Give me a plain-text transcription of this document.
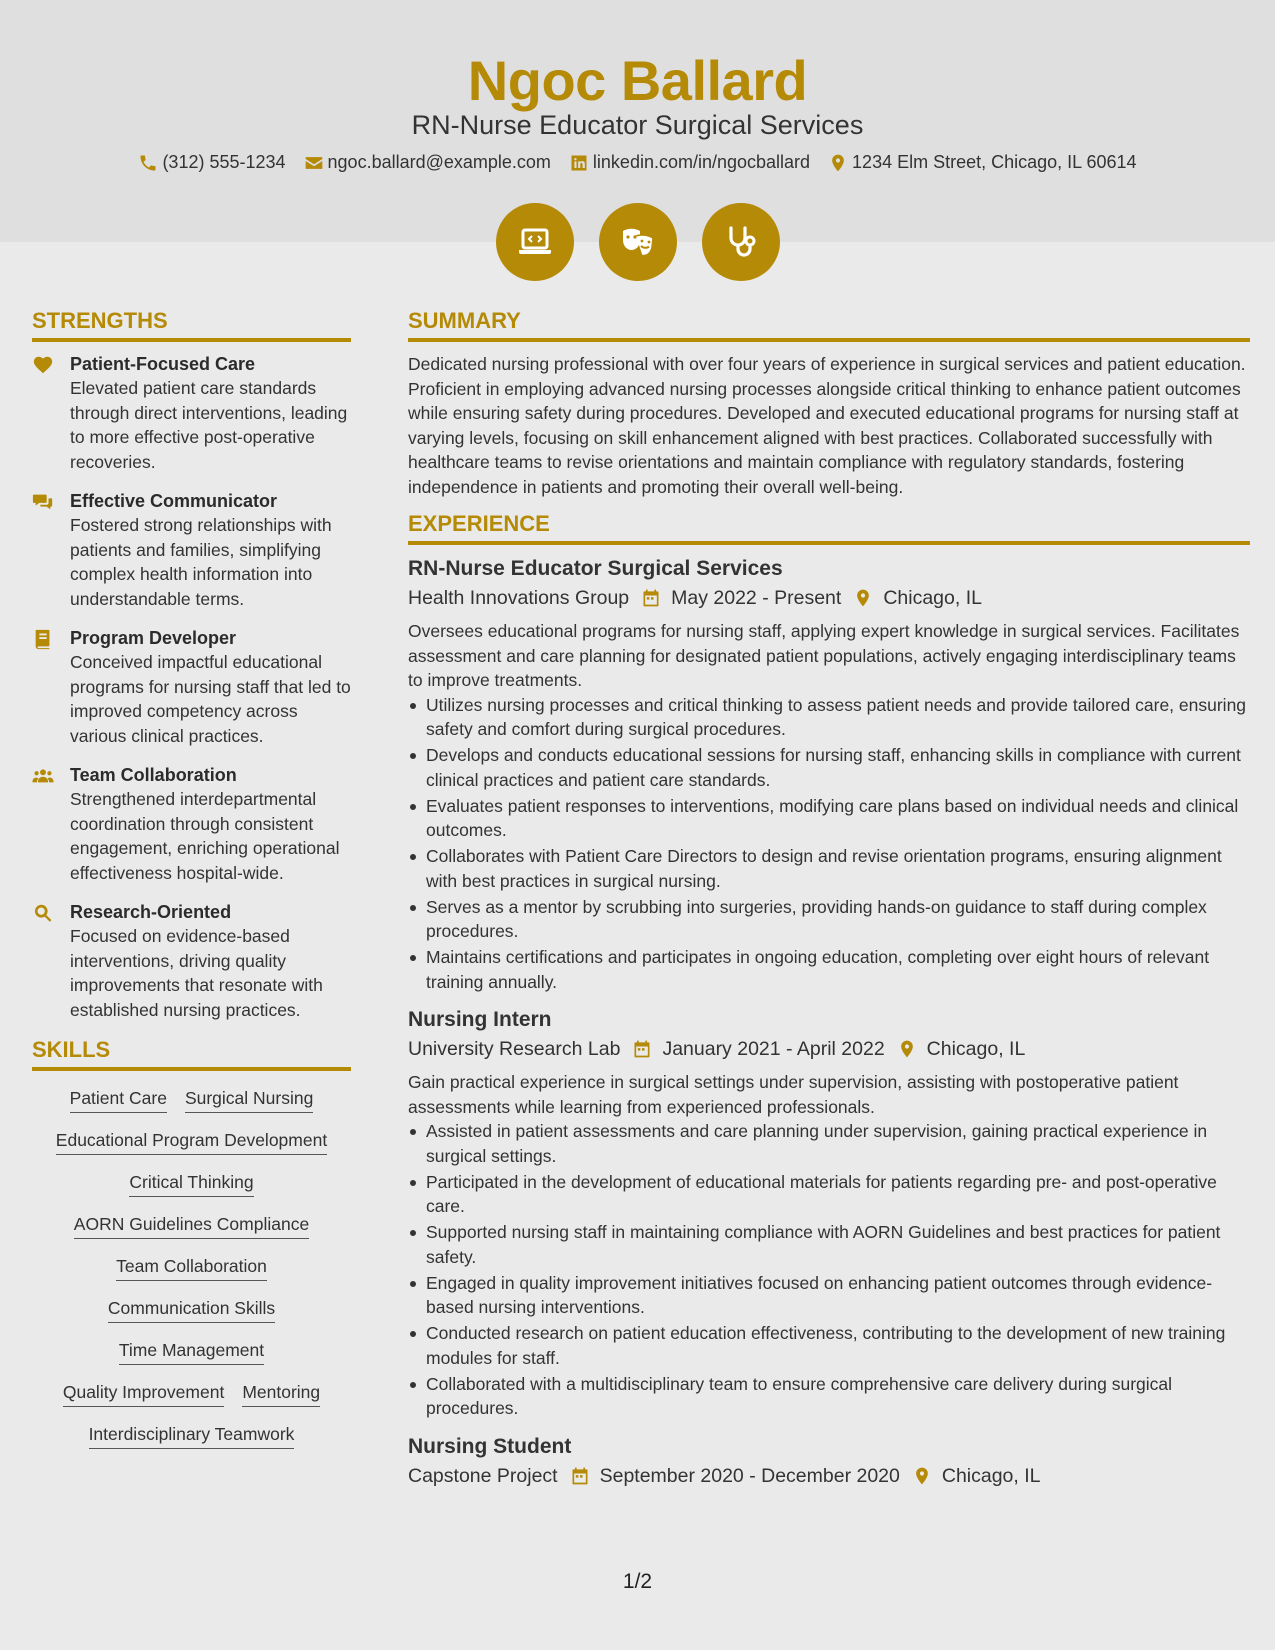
Ngoc Ballard
RN-Nurse Educator Surgical Services
(312) 555-1234 ngoc.ballard@example.com linkedin.com/in/ngocballard 1234 Elm Street, Chicago, IL 60614
STRENGTHS
Patient-Focused Care
Elevated patient care standards through direct interventions, leading to more effective post-operative recoveries.
Effective Communicator
Fostered strong relationships with patients and families, simplifying complex health information into understandable terms.
Program Developer
Conceived impactful educational programs for nursing staff that led to improved competency across various clinical practices.
Team Collaboration
Strengthened interdepartmental coordination through consistent engagement, enriching operational effectiveness hospital-wide.
Research-Oriented
Focused on evidence-based interventions, driving quality improvements that resonate with established nursing practices.
SKILLS
Patient Care Surgical Nursing
Educational Program Development
Critical Thinking
AORN Guidelines Compliance
Team Collaboration
Communication Skills
Time Management
Quality Improvement Mentoring
Interdisciplinary Teamwork
SUMMARY
Dedicated nursing professional with over four years of experience in surgical services and patient education. Proficient in employing advanced nursing processes alongside critical thinking to enhance patient outcomes while ensuring safety during procedures. Developed and executed educational programs for nursing staff at varying levels, focusing on skill enhancement aligned with best practices. Collaborated successfully with healthcare teams to revise orientations and maintain compliance with regulatory standards, fostering independence in patients and promoting their overall well-being.
EXPERIENCE
RN-Nurse Educator Surgical Services
Health Innovations Group May 2022 - Present Chicago, IL
Oversees educational programs for nursing staff, applying expert knowledge in surgical services. Facilitates assessment and care planning for designated patient populations, actively engaging interdisciplinary teams to improve treatments.
Utilizes nursing processes and critical thinking to assess patient needs and provide tailored care, ensuring safety and comfort during surgical procedures.
Develops and conducts educational sessions for nursing staff, enhancing skills in compliance with current clinical practices and patient care standards.
Evaluates patient responses to interventions, modifying care plans based on individual needs and clinical outcomes.
Collaborates with Patient Care Directors to design and revise orientation programs, ensuring alignment with best practices in surgical nursing.
Serves as a mentor by scrubbing into surgeries, providing hands-on guidance to staff during complex procedures.
Maintains certifications and participates in ongoing education, completing over eight hours of relevant training annually.
Nursing Intern
University Research Lab January 2021 - April 2022 Chicago, IL
Gain practical experience in surgical settings under supervision, assisting with postoperative patient assessments while learning from experienced professionals.
Assisted in patient assessments and care planning under supervision, gaining practical experience in surgical settings.
Participated in the development of educational materials for patients regarding pre- and post-operative care.
Supported nursing staff in maintaining compliance with AORN Guidelines and best practices for patient safety.
Engaged in quality improvement initiatives focused on enhancing patient outcomes through evidence-based nursing interventions.
Conducted research on patient education effectiveness, contributing to the development of new training modules for staff.
Collaborated with a multidisciplinary team to ensure comprehensive care delivery during surgical procedures.
Nursing Student
Capstone Project September 2020 - December 2020 Chicago, IL
1/2
